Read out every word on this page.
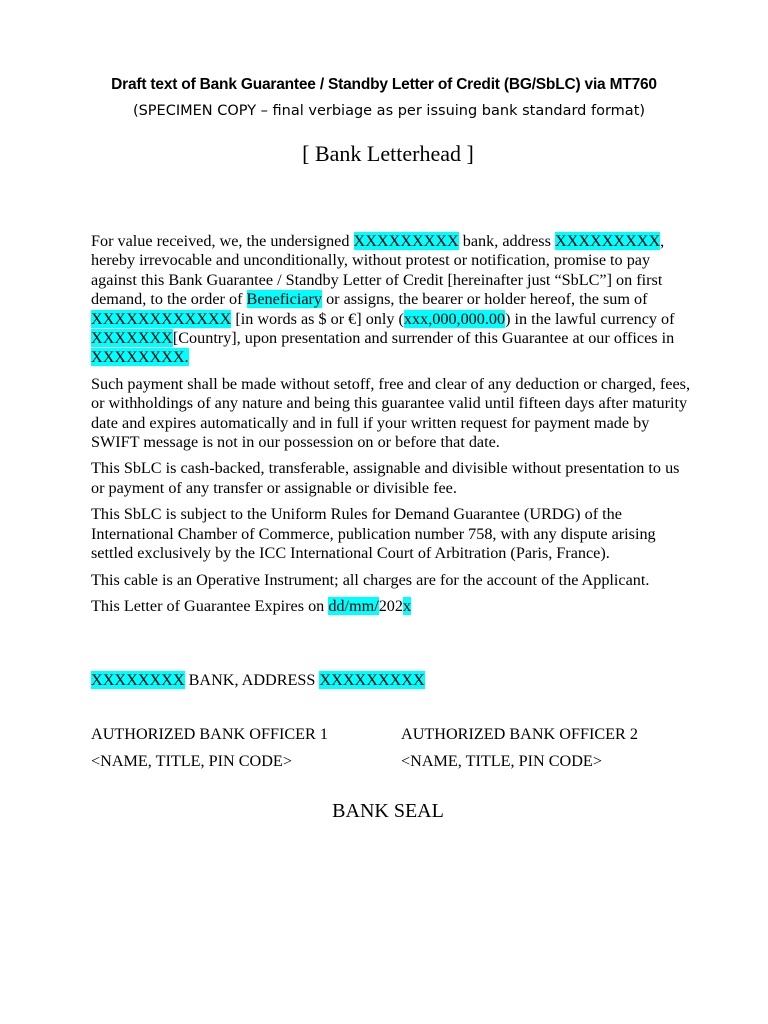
Draft text of Bank Guarantee / Standby Letter of Credit (BG/SbLC) via MT760
(SPECIMEN COPY – final verbiage as per issuing bank standard format)
[ Bank Letterhead ]

For value received, we, the undersigned XXXXXXXXX bank, address XXXXXXXXX, hereby irrevocable and unconditionally, without protest or notification, promise to pay against this Bank Guarantee / Standby Letter of Credit [hereinafter just “SbLC”] on first demand, to the order of Beneficiary or assigns, the bearer or holder hereof, the sum of XXXXXXXXXXXX [in words as $ or €] only (xxx,000,000.00) in the lawful currency of XXXXXXX[Country], upon presentation and surrender of this Guarantee at our offices in XXXXXXXX.

Such payment shall be made without setoff, free and clear of any deduction or charged, fees, or withholdings of any nature and being this guarantee valid until fifteen days after maturity date and expires automatically and in full if your written request for payment made by SWIFT message is not in our possession on or before that date.

This SbLC is cash-backed, transferable, assignable and divisible without presentation to us or payment of any transfer or assignable or divisible fee.

This SbLC is subject to the Uniform Rules for Demand Guarantee (URDG) of the International Chamber of Commerce, publication number 758, with any dispute arising settled exclusively by the ICC International Court of Arbitration (Paris, France).

This cable is an Operative Instrument; all charges are for the account of the Applicant.

This Letter of Guarantee Expires on dd/mm/202x

XXXXXXXX BANK, ADDRESS XXXXXXXXX
AUTHORIZED BANK OFFICER 1
<NAME, TITLE, PIN CODE>
AUTHORIZED BANK OFFICER 2
<NAME, TITLE, PIN CODE>
BANK SEAL
